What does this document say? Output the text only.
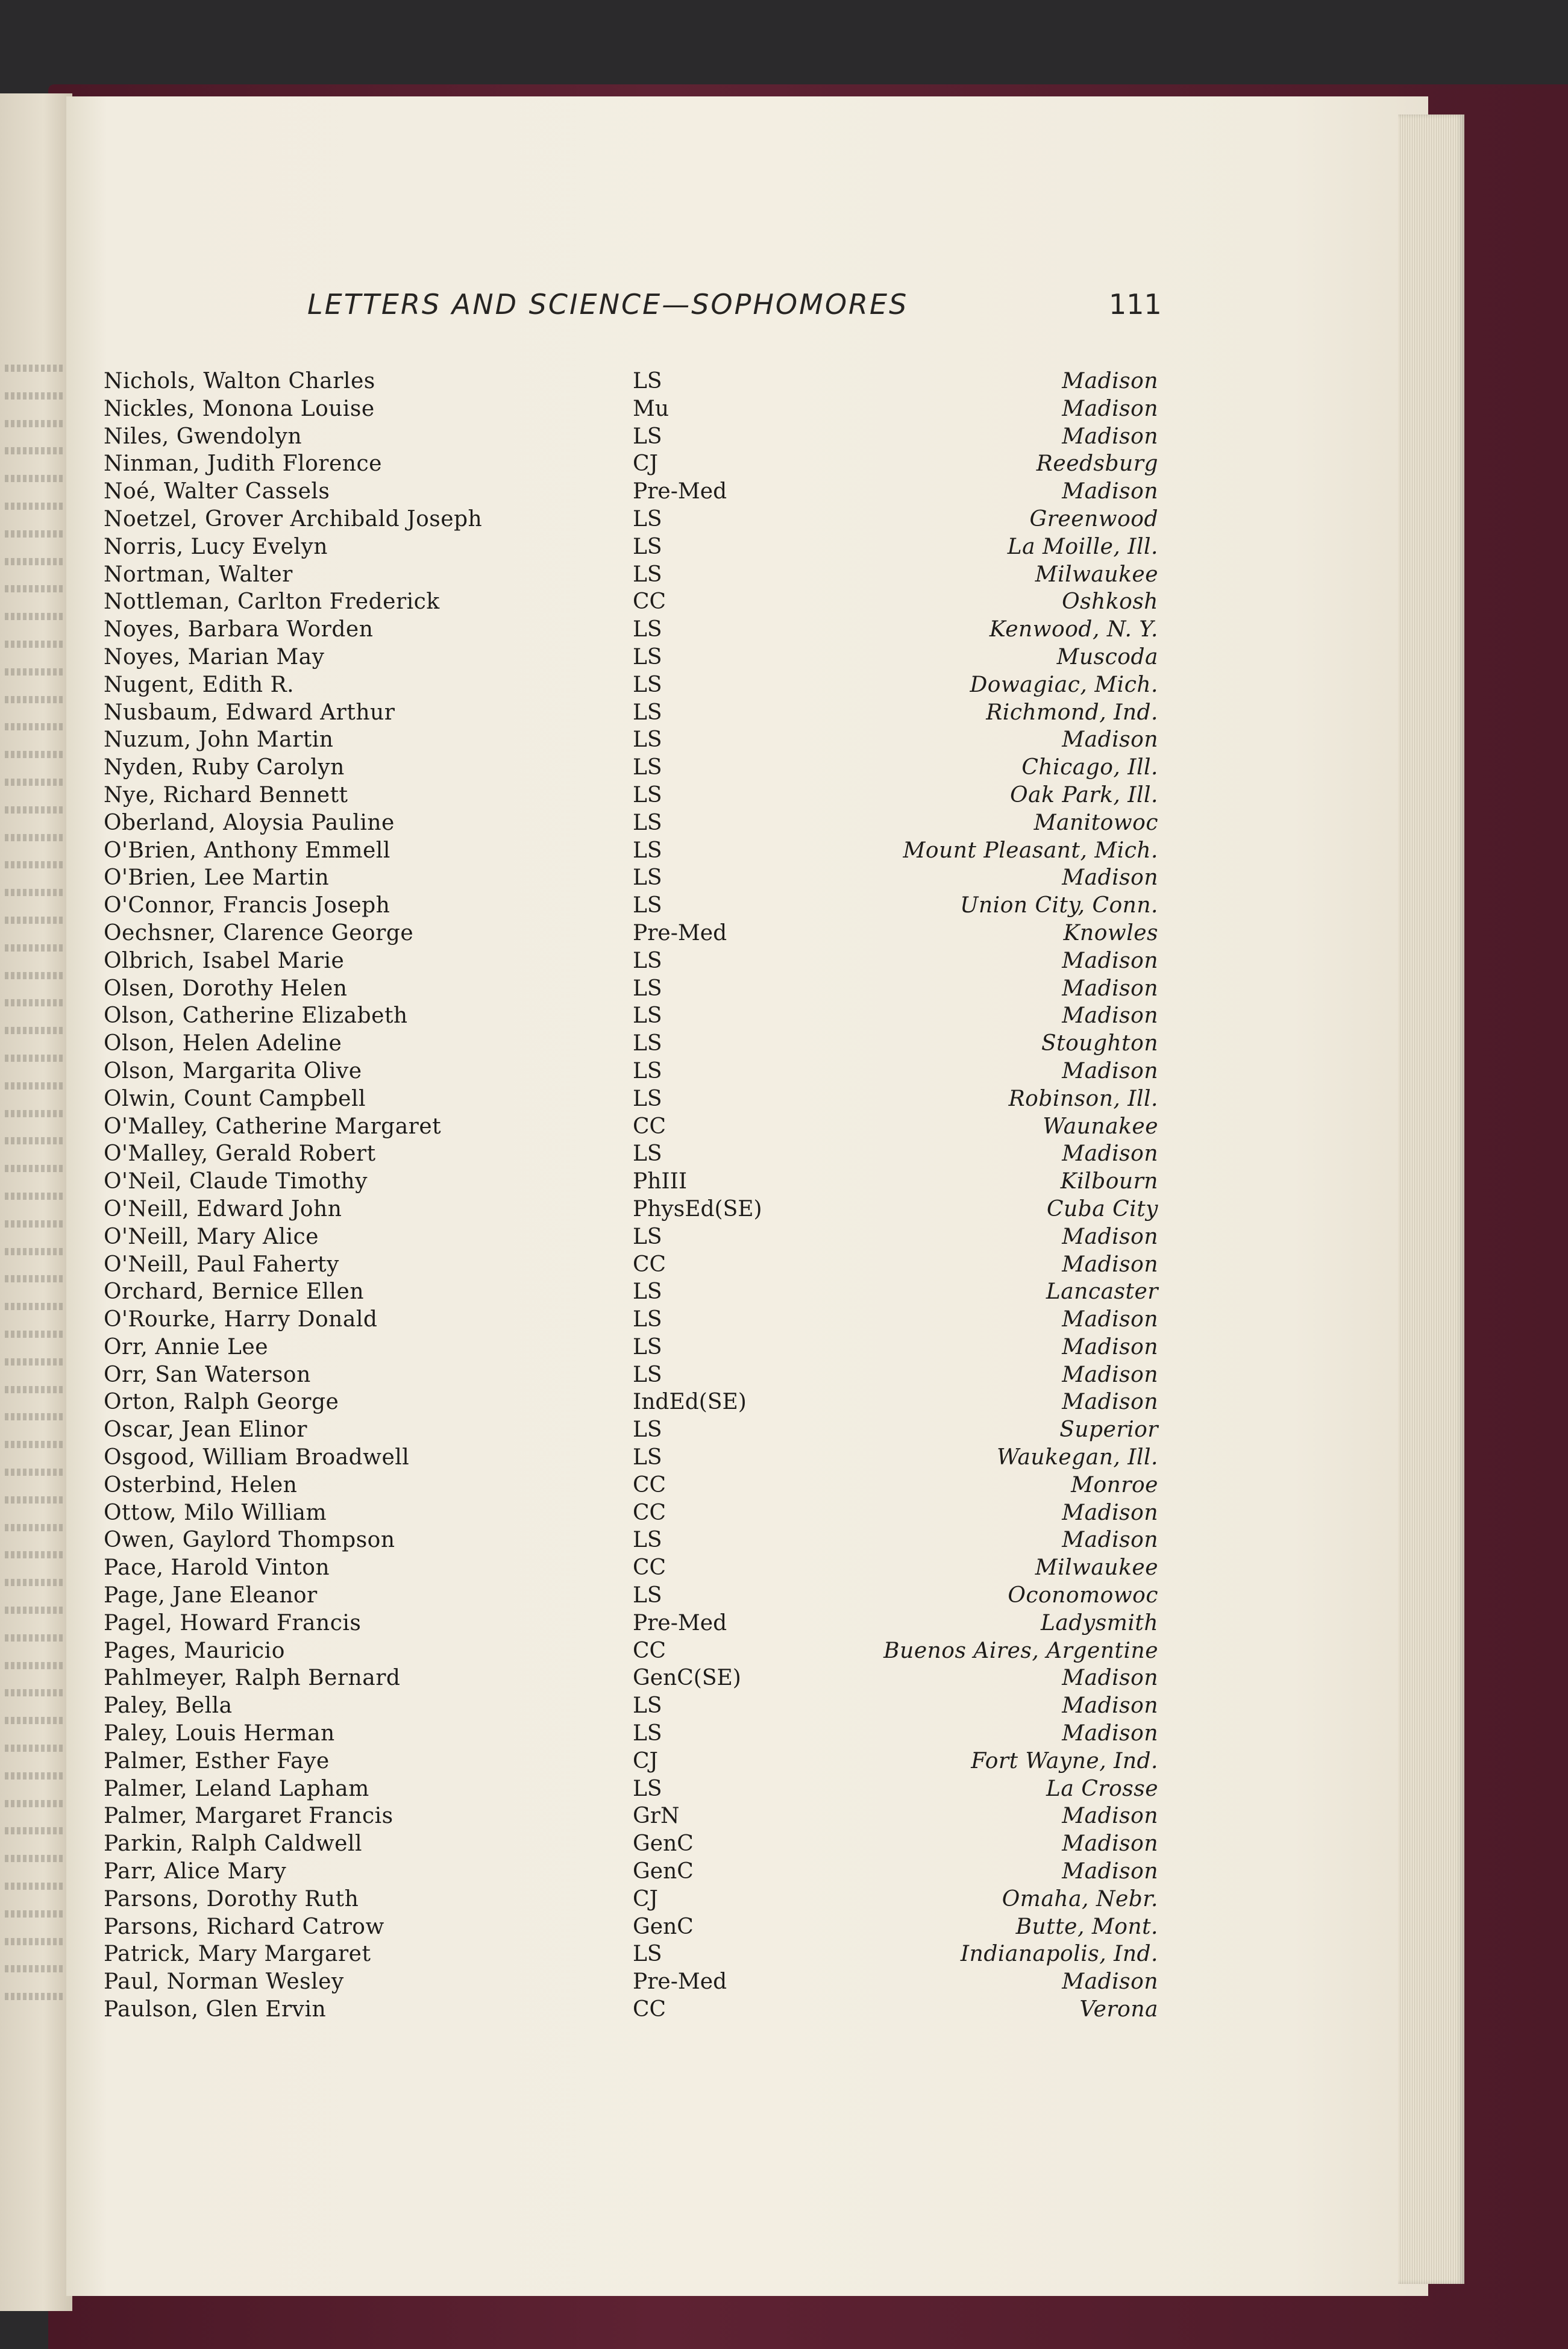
LETTERS AND SCIENCE—SOPHOMORES	111
Nichols, Walton Charles	LS	Madison
Nickles, Monona Louise	Mu	Madison
Niles, Gwendolyn	LS	Madison
Ninman, Judith Florence	CJ	Reedsburg
Noé, Walter Cassels	Pre-Med	Madison
Noetzel, Grover Archibald Joseph	LS	Greenwood
Norris, Lucy Evelyn	LS	La Moille, Ill.
Nortman, Walter	LS	Milwaukee
Nottleman, Carlton Frederick	CC	Oshkosh
Noyes, Barbara Worden	LS	Kenwood, N. Y.
Noyes, Marian May	LS	Muscoda
Nugent, Edith R.	LS	Dowagiac, Mich.
Nusbaum, Edward Arthur	LS	Richmond, Ind.
Nuzum, John Martin	LS	Madison
Nyden, Ruby Carolyn	LS	Chicago, Ill.
Nye, Richard Bennett	LS	Oak Park, Ill.
Oberland, Aloysia Pauline	LS	Manitowoc
O'Brien, Anthony Emmell	LS	Mount Pleasant, Mich.
O'Brien, Lee Martin	LS	Madison
O'Connor, Francis Joseph	LS	Union City, Conn.
Oechsner, Clarence George	Pre-Med	Knowles
Olbrich, Isabel Marie	LS	Madison
Olsen, Dorothy Helen	LS	Madison
Olson, Catherine Elizabeth	LS	Madison
Olson, Helen Adeline	LS	Stoughton
Olson, Margarita Olive	LS	Madison
Olwin, Count Campbell	LS	Robinson, Ill.
O'Malley, Catherine Margaret	CC	Waunakee
O'Malley, Gerald Robert	LS	Madison
O'Neil, Claude Timothy	PhIII	Kilbourn
O'Neill, Edward John	PhysEd(SE)	Cuba City
O'Neill, Mary Alice	LS	Madison
O'Neill, Paul Faherty	CC	Madison
Orchard, Bernice Ellen	LS	Lancaster
O'Rourke, Harry Donald	LS	Madison
Orr, Annie Lee	LS	Madison
Orr, San Waterson	LS	Madison
Orton, Ralph George	IndEd(SE)	Madison
Oscar, Jean Elinor	LS	Superior
Osgood, William Broadwell	LS	Waukegan, Ill.
Osterbind, Helen	CC	Monroe
Ottow, Milo William	CC	Madison
Owen, Gaylord Thompson	LS	Madison
Pace, Harold Vinton	CC	Milwaukee
Page, Jane Eleanor	LS	Oconomowoc
Pagel, Howard Francis	Pre-Med	Ladysmith
Pages, Mauricio	CC	Buenos Aires, Argentine
Pahlmeyer, Ralph Bernard	GenC(SE)	Madison
Paley, Bella	LS	Madison
Paley, Louis Herman	LS	Madison
Palmer, Esther Faye	CJ	Fort Wayne, Ind.
Palmer, Leland Lapham	LS	La Crosse
Palmer, Margaret Francis	GrN	Madison
Parkin, Ralph Caldwell	GenC	Madison
Parr, Alice Mary	GenC	Madison
Parsons, Dorothy Ruth	CJ	Omaha, Nebr.
Parsons, Richard Catrow	GenC	Butte, Mont.
Patrick, Mary Margaret	LS	Indianapolis, Ind.
Paul, Norman Wesley	Pre-Med	Madison
Paulson, Glen Ervin	CC	Verona
